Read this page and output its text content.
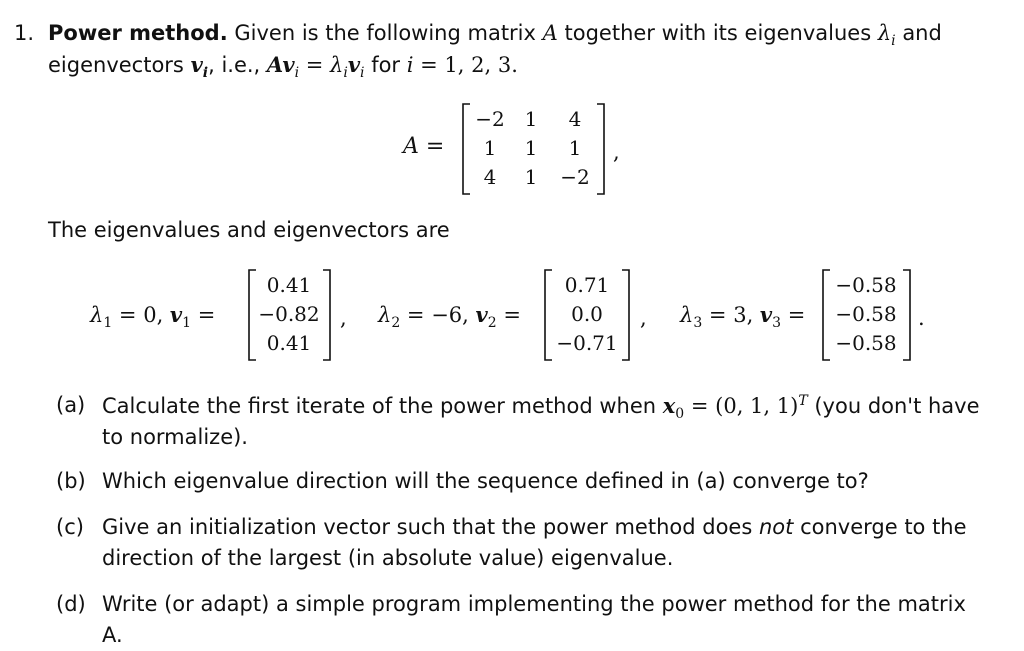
1. Power method. Given is the following matrix A together with its eigenvalues $\lambda_i$ and
eigenvectors $v_i$, i.e., $Av_i = \lambda_iv_i$ for i = 1, 2, 3.
A =
−2 1	4
1	1	1
4	1	−2
,
The eigenvalues and eigenvectors are
$\lambda_1 = 0$, $v_1$ =
0.41
−0.82
0.41
, $\lambda_2 = -6$, $v_2$ =
0.71
0.0
−0.71
, $\lambda_3 = 3$, $v_3$ =
−0.58
−0.58
−0.58
.
(a) Calculate the first iterate of the power method when $x_0 = (0$, 1, 1)$^T$ (you don't have
to normalize).
(b) Which eigenvalue direction will the sequence defined in (a) converge to?
(c) Give an initialization vector such that the power method does not converge to the
direction of the largest (in absolute value) eigenvalue.
(d) Write (or adapt) a simple program implementing the power method for the matrix A.
